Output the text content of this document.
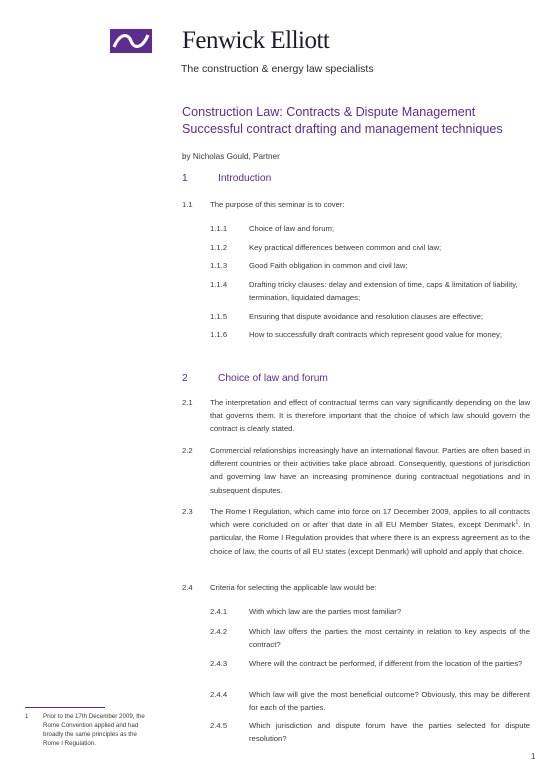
Fenwick Elliott
The construction & energy law specialists
Construction Law: Contracts & Dispute Management
Successful contract drafting and management techniques
by Nicholas Gould, Partner
1	Introduction
1.1 The purpose of this seminar is to cover:
1.1.1	Choice of law and forum;
1.1.2	Key practical differences between common and civil law;
1.1.3	Good Faith obligation in common and civil law;
1.1.4	Drafting tricky clauses: delay and extension of time, caps & limitation of liability, termination, liquidated damages;
1.1.5	Ensuring that dispute avoidance and resolution clauses are effective;
1.1.6	How to successfully draft contracts which represent good value for money;
2	Choice of law and forum
2.1 The interpretation and effect of contractual terms can vary significantly depending on the law that governs them. It is therefore important that the choice of which law should govern the contract is clearly stated.
2.2 Commercial relationships increasingly have an international flavour. Parties are often based in different countries or their activities take place abroad. Consequently, questions of jurisdiction and governing law have an increasing prominence during contractual negotiations and in subsequent disputes.
2.3 The Rome I Regulation, which came into force on 17 December 2009, applies to all contracts which were concluded on or after that date in all EU Member States, except Denmark$^1$. In particular, the Rome I Regulation provides that where there is an express agreement as to the choice of law, the courts of all EU states (except Denmark) will uphold and apply that choice.
2.4 Criteria for selecting the applicable law would be:
2.4.1	With which law are the parties most familiar?
2.4.2	Which law offers the parties the most certainty in relation to key aspects of the contract?
2.4.3	Where will the contract be performed, if different from the location of the parties?
2.4.4	Which law will give the most beneficial outcome? Obviously, this may be different for each of the parties.
2.4.5	Which jurisdiction and dispute forum have the parties selected for dispute resolution?
1 Prior to the 17th December 2009, the Rome Convention applied and had broadly the same principles as the Rome I Regulation.
1
